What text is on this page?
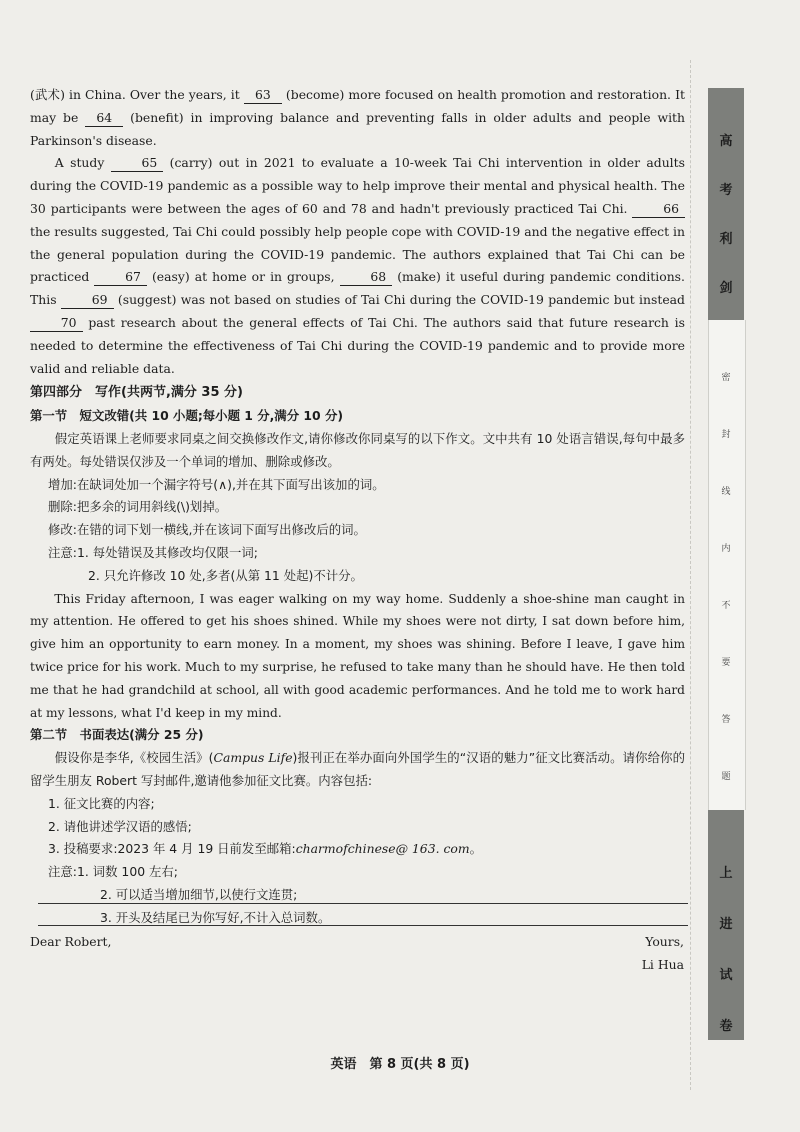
(武术) in China. Over the years, it 63 (become) more focused on health promotion and restoration. It may be 64 (benefit) in improving balance and preventing falls in older adults and people with Parkinson's disease.

A study	65 (carry) out in 2021 to evaluate a 10-week Tai Chi intervention in older adults during the COVID-19 pandemic as a possible way to help improve their mental and physical health. The 30 participants were between the ages of 60 and 78 and hadn't previously practiced Tai Chi.	66 the results suggested, Tai Chi could possibly help people cope with COVID-19 and the negative effect in the general population during the COVID-19 pandemic. The authors explained that Tai Chi can be practiced	67 (easy) at home or in groups,	68 (make) it useful during pandemic conditions. This	69 (suggest) was not based on studies of Tai Chi during the COVID-19 pandemic but instead 70 past research about the general effects of Tai Chi. The authors said that future research is needed to determine the effectiveness of Tai Chi during the COVID-19 pandemic and to provide more valid and reliable data.

第四部分　写作(共两节,满分 35 分)

第一节　短文改错(共 10 小题;每小题 1 分,满分 10 分)

假定英语课上老师要求同桌之间交换修改作文,请你修改你同桌写的以下作文。文中共有 10 处语言错误,每句中最多有两处。每处错误仅涉及一个单词的增加、删除或修改。

增加:在缺词处加一个漏字符号(∧),并在其下面写出该加的词。

删除:把多余的词用斜线(\)划掉。

修改:在错的词下划一横线,并在该词下面写出修改后的词。

注意:1. 每处错误及其修改均仅限一词;

2. 只允许修改 10 处,多者(从第 11 处起)不计分。

This Friday afternoon, I was eager walking on my way home. Suddenly a shoe-shine man caught in my attention. He offered to get his shoes shined. While my shoes were not dirty, I sat down before him, give him an opportunity to earn money. In a moment, my shoes was shining. Before I leave, I gave him twice price for his work. Much to my surprise, he refused to take many than he should have. He then told me that he had grandchild at school, all with good academic performances. And he told me to work hard at my lessons, what I'd keep in my mind.

第二节　书面表达(满分 25 分)

假设你是李华,《校园生活》(Campus Life)报刊正在举办面向外国学生的“汉语的魅力”征文比赛活动。请你给你的留学生朋友 Robert 写封邮件,邀请他参加征文比赛。内容包括:

1. 征文比赛的内容;

2. 请他讲述学汉语的感悟;

3. 投稿要求:2023 年 4 月 19 日前发至邮箱:charmofchinese@ 163. com。

注意:1. 词数 100 左右;

2. 可以适当增加细节,以使行文连贯;

3. 开头及结尾已为你写好,不计入总词数。

Dear Robert,	Yours,
Li Hua
英语　第 8 页(共 8 页)
高
考
利
剑
密
封
线
内
不
要
答
题
上
进
试
卷
